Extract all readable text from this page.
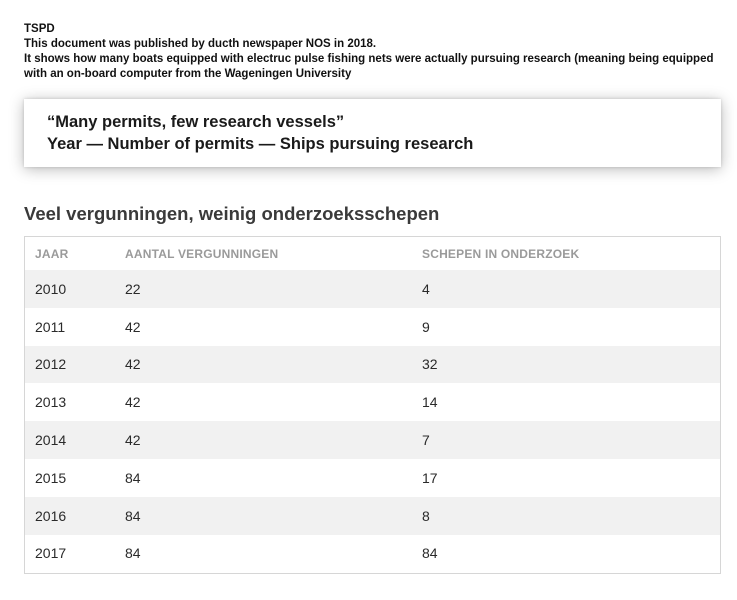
TSPD
This document was published by ducth newspaper NOS in 2018.
It shows how many boats equipped with electruc pulse fishing nets were actually pursuing research (meaning being equipped with an on-board computer from the Wageningen University
“Many permits, few research vessels”
Year — Number of permits — Ships pursuing research
Veel vergunningen, weinig onderzoeksschepen
JAAR	AANTAL VERGUNNINGEN	SCHEPEN IN ONDERZOEK
2010	22	4
2011	42	9
2012	42	32
2013	42	14
2014	42	7
2015	84	17
2016	84	8
2017	84	84
